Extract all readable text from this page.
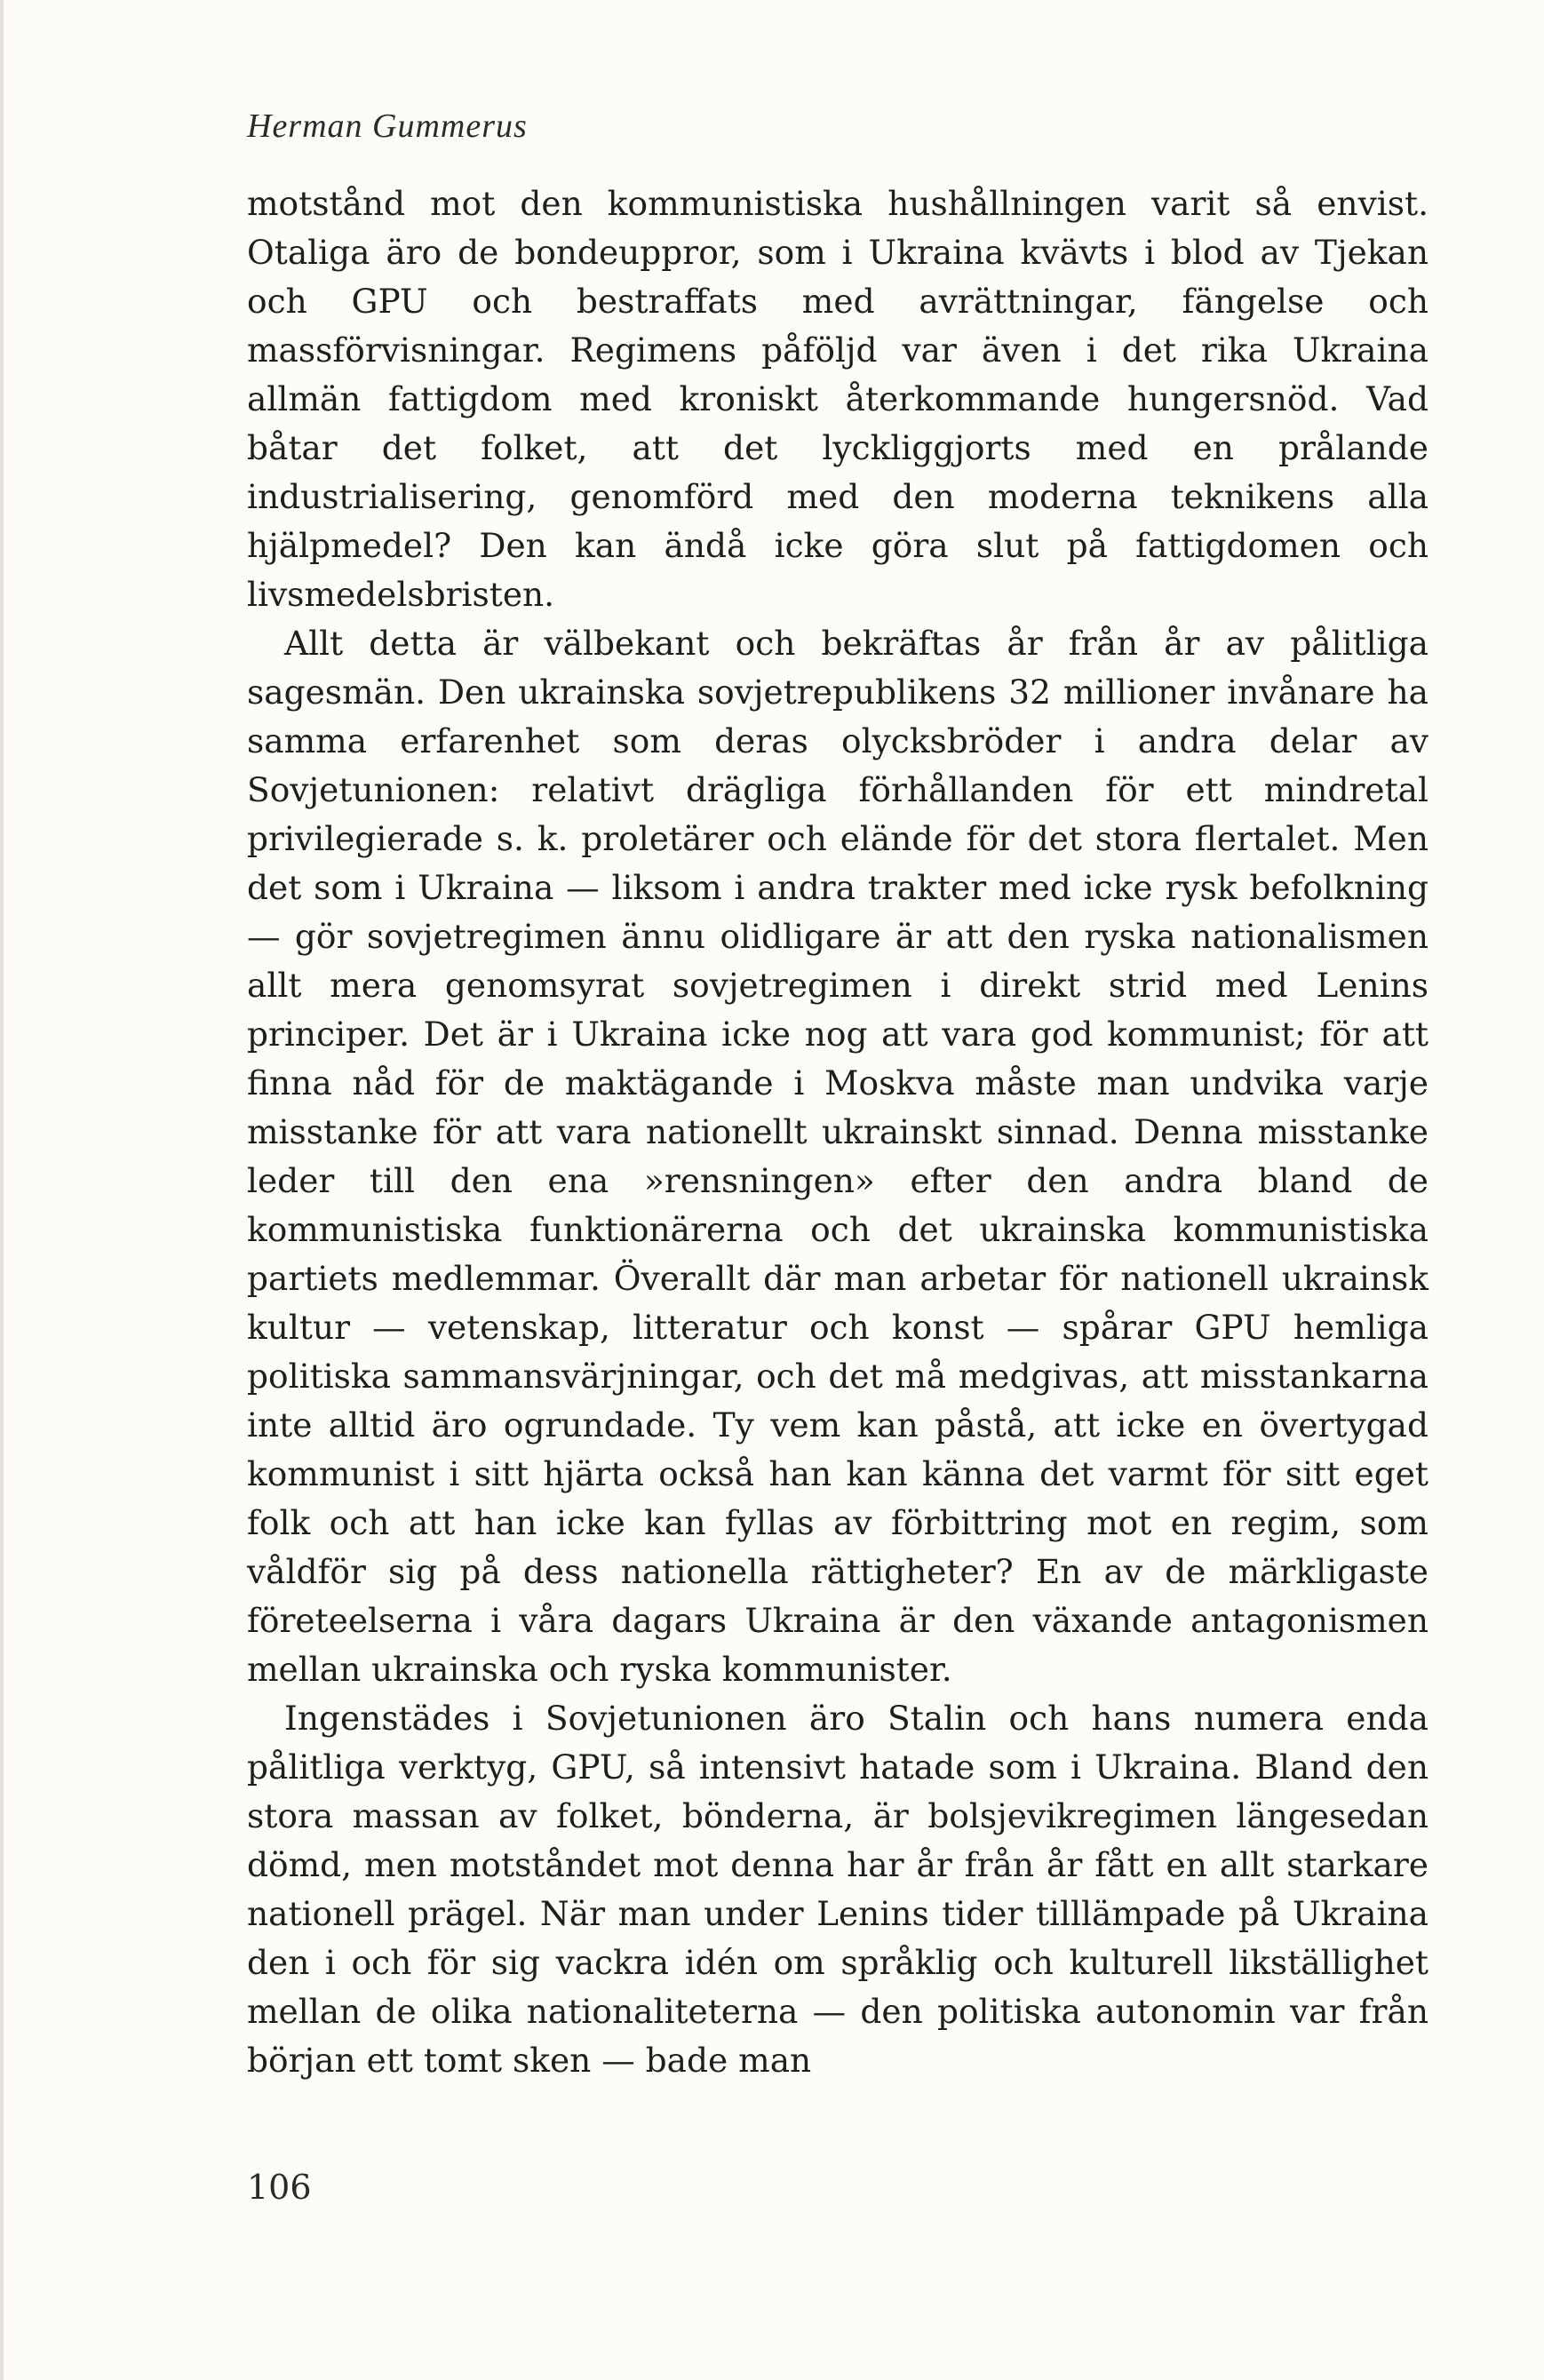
Herman Gummerus

motstånd mot den kommunistiska hushållningen varit så envist. Otaliga äro de bondeuppror, som i Ukraina kvävts i blod av Tjekan och GPU och bestraffats med avrättningar, fängelse och massförvisningar. Regimens påföljd var även i det rika Ukraina allmän fattigdom med kroniskt återkommande hungersnöd. Vad båtar det folket, att det lyckliggjorts med en prålande industrialisering, genomförd med den moderna teknikens alla hjälpmedel? Den kan ändå icke göra slut på fattigdomen och livsmedelsbristen.

Allt detta är välbekant och bekräftas år från år av pålitliga sagesmän. Den ukrainska sovjetrepublikens 32 millioner invånare ha samma erfarenhet som deras olycksbröder i andra delar av Sovjetunionen: relativt drägliga förhållanden för ett mindretal privilegierade s. k. proletärer och elände för det stora flertalet. Men det som i Ukraina — liksom i andra trakter med icke rysk befolkning — gör sovjetregimen ännu olidligare är att den ryska nationalismen allt mera genomsyrat sovjetregimen i direkt strid med Lenins principer. Det är i Ukraina icke nog att vara god kommunist; för att finna nåd för de maktägande i Moskva måste man undvika varje misstanke för att vara nationellt ukrainskt sinnad. Denna misstanke leder till den ena »rensningen» efter den andra bland de kommunistiska funktionärerna och det ukrainska kommunistiska partiets medlemmar. Överallt där man arbetar för nationell ukrainsk kultur — vetenskap, litteratur och konst — spårar GPU hemliga politiska sammansvärjningar, och det må medgivas, att misstankarna inte alltid äro ogrundade. Ty vem kan påstå, att icke en övertygad kommunist i sitt hjärta också han kan känna det varmt för sitt eget folk och att han icke kan fyllas av förbittring mot en regim, som våldför sig på dess nationella rättigheter? En av de märkligaste företeelserna i våra dagars Ukraina är den växande antagonismen mellan ukrainska och ryska kommunister.

Ingenstädes i Sovjetunionen äro Stalin och hans numera enda pålitliga verktyg, GPU, så intensivt hatade som i Ukraina. Bland den stora massan av folket, bönderna, är bolsjevikregimen längesedan dömd, men motståndet mot denna har år från år fått en allt starkare nationell prägel. När man under Lenins tider tilllämpade på Ukraina den i och för sig vackra idén om språklig och kulturell likställighet mellan de olika nationaliteterna — den politiska autonomin var från början ett tomt sken — bade man

106
